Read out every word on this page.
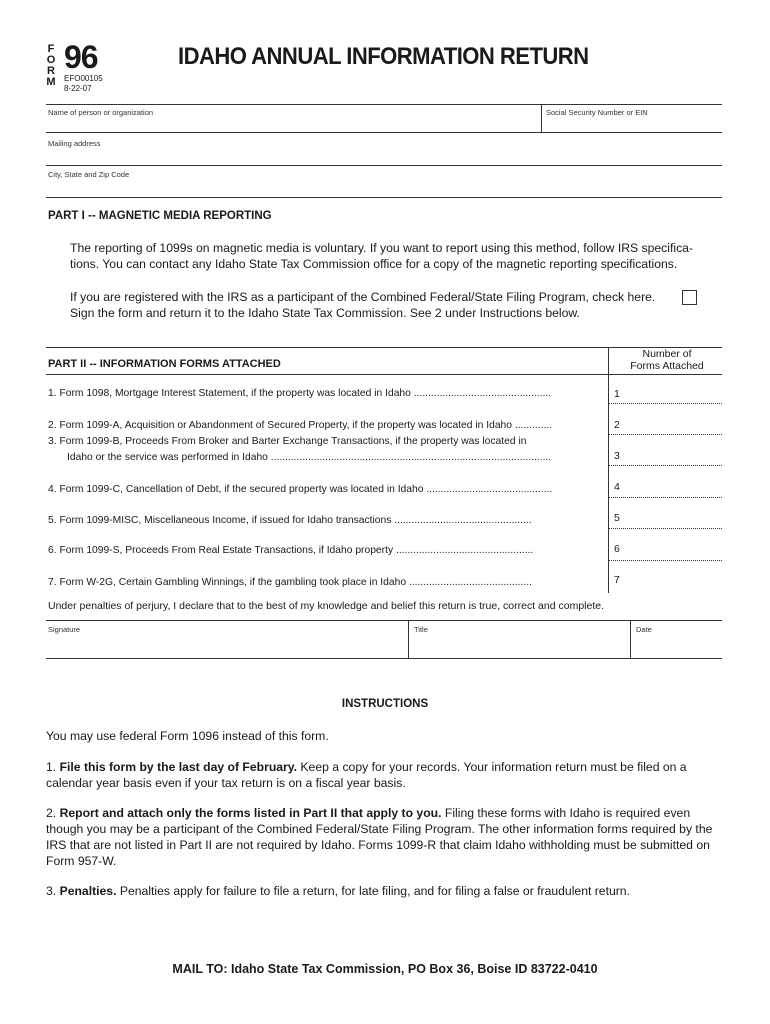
F
O
R
M
96
EFO00105
8-22-07
IDAHO ANNUAL INFORMATION RETURN
Name of person or organization	Social Security Number or EIN
Mailing address
City, State and Zip Code
PART I -- MAGNETIC MEDIA REPORTING
The reporting of 1099s on magnetic media is voluntary. If you want to report using this method, follow IRS specifica-
tions. You can contact any Idaho State Tax Commission office for a copy of the magnetic reporting specifications.
If you are registered with the IRS as a participant of the Combined Federal/State Filing Program, check here.
Sign the form and return it to the Idaho State Tax Commission. See 2 under Instructions below.
PART II -- INFORMATION FORMS ATTACHED
Number of
Forms Attached
1. Form 1098, Mortgage Interest Statement, if the property was located in Idaho ................................................	1
2. Form 1099-A, Acquisition or Abandonment of Secured Property, if the property was located in Idaho .............	2
3. Form 1099-B, Proceeds From Broker and Barter Exchange Transactions, if the property was located in
Idaho or the service was performed in Idaho ..................................................................................................	3
4. Form 1099-C, Cancellation of Debt, if the secured property was located in Idaho ............................................	4
5. Form 1099-MISC, Miscellaneous Income, if issued for Idaho transactions ................................................	5
6. Form 1099-S, Proceeds From Real Estate Transactions, if Idaho property ................................................	6
7. Form W-2G, Certain Gambling Winnings, if the gambling took place in Idaho ...........................................	7
Under penalties of perjury, I declare that to the best of my knowledge and belief this return is true, correct and complete.
Signature	Title	Date
INSTRUCTIONS
You may use federal Form 1096 instead of this form.
1. File this form by the last day of February. Keep a copy for your records. Your information return must be filed on a calendar year basis even if your tax return is on a fiscal year basis.
2. Report and attach only the forms listed in Part II that apply to you. Filing these forms with Idaho is required even though you may be a participant of the Combined Federal/State Filing Program. The other information forms required by the IRS that are not listed in Part II are not required by Idaho. Forms 1099-R that claim Idaho withholding must be submitted on Form 957-W.
3. Penalties. Penalties apply for failure to file a return, for late filing, and for filing a false or fraudulent return.
MAIL TO: Idaho State Tax Commission, PO Box 36, Boise ID 83722-0410
